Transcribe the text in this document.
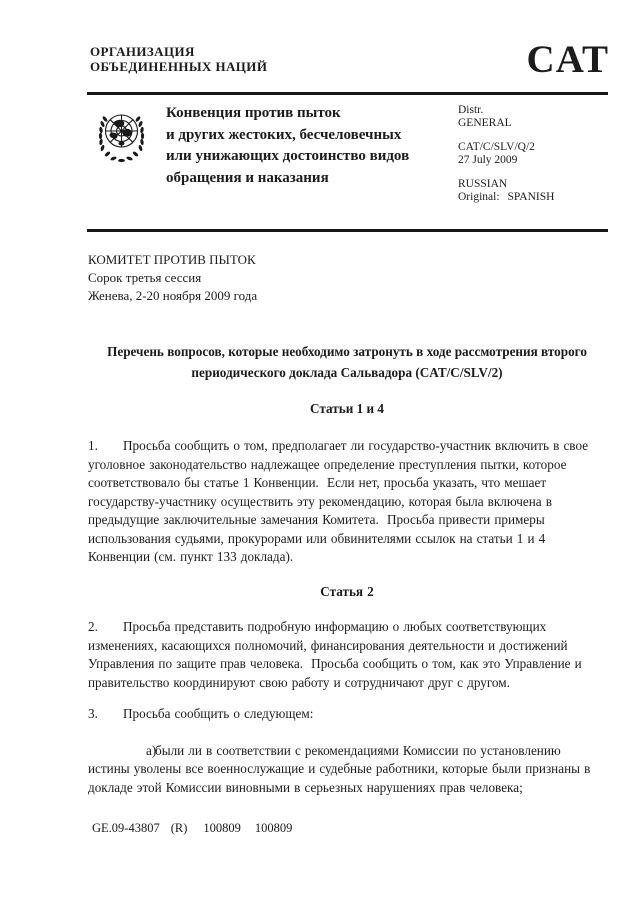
ОРГАНИЗАЦИЯ
ОБЪЕДИНЕННЫХ НАЦИЙ	CAT
Конвенция против пыток
и других жестоких, бесчеловечных
или унижающих достоинство видов
обращения и наказания
Distr.
GENERAL
CAT/C/SLV/Q/2
27 July 2009
RUSSIAN
Original: SPANISH
КОМИТЕТ ПРОТИВ ПЫТОК
Сорок третья сессия
Женева, 2-20 ноября 2009 года
Перечень вопросов, которые необходимо затронуть в ходе рассмотрения второго периодического доклада Сальвадора (CAT/C/SLV/2)
Статьи 1 и 4

1. Просьба сообщить о том, предполагает ли государство-участник включить в свое уголовное законодательство надлежащее определение преступления пытки, которое соответствовало бы статье 1 Конвенции.  Если нет, просьба указать, что мешает государству-участнику осуществить эту рекомендацию, которая была включена в предыдущие заключительные замечания Комитета.  Просьба привести примеры использования судьями, прокурорами или обвинителями ссылок на статьи 1 и 4 Конвенции (см. пункт 133 доклада).

Статья 2

2. Просьба представить подробную информацию о любых соответствующих изменениях, касающихся полномочий, финансирования деятельности и достижений Управления по защите прав человека.  Просьба сообщить о том, как это Управление и правительство координируют свою работу и сотрудничают друг с другом.

3. Просьба сообщить о следующем:

а)были ли в соответствии с рекомендациями Комиссии по установлению истины уволены все военнослужащие и судебные работники, которые были признаны в докладе этой Комиссии виновными в серьезных нарушениях прав человека;

GE.09-43807 (R) 100809 100809
